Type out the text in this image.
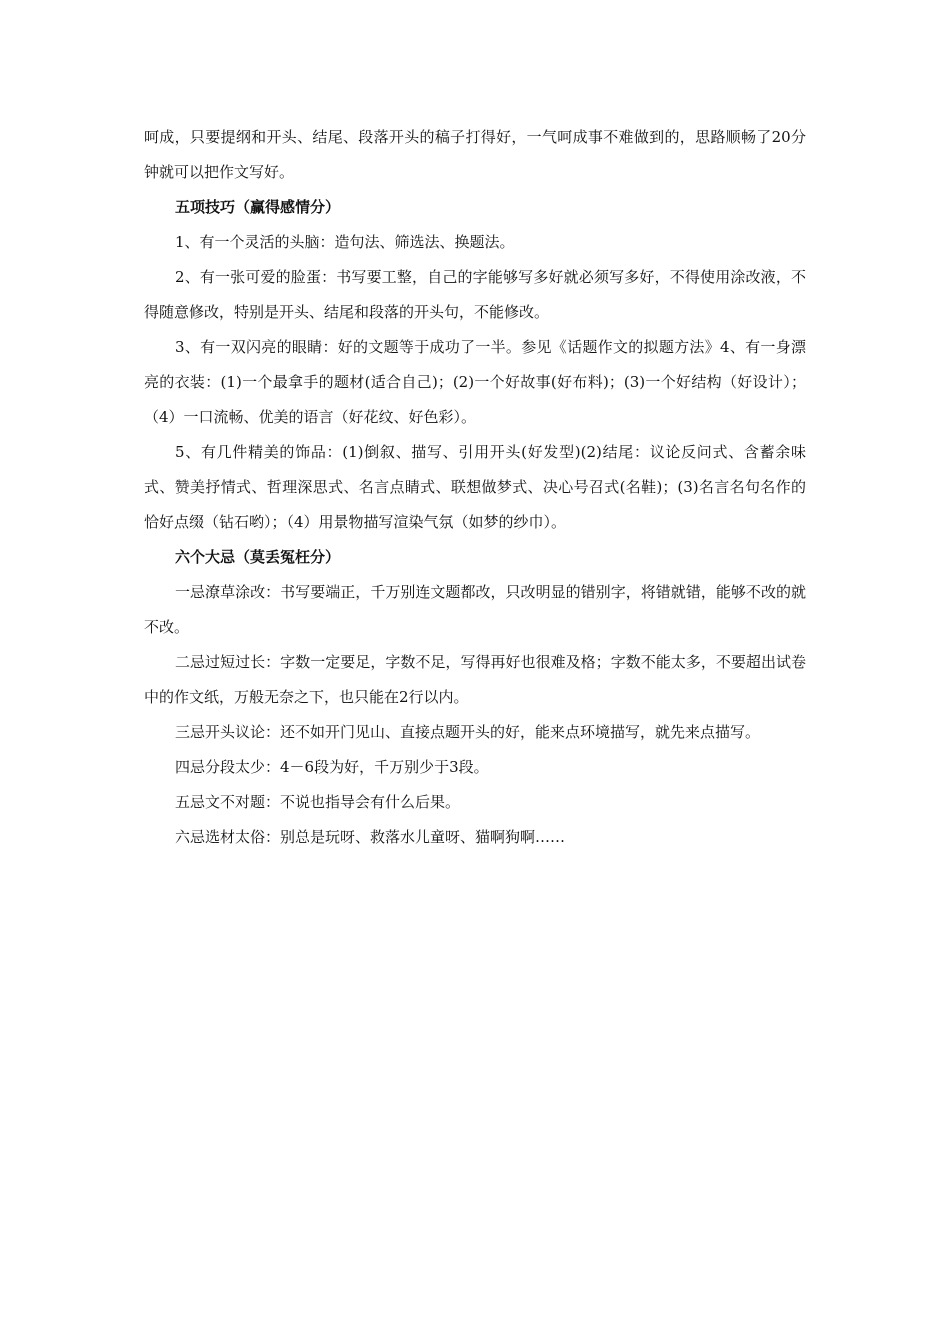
呵成，只要提纲和开头、结尾、段落开头的稿子打得好，一气呵成事不难做到的，思路顺畅了20分钟就可以把作文写好。

五项技巧（赢得感情分）

1、有一个灵活的头脑：造句法、筛选法、换题法。

2、有一张可爱的脸蛋：书写要工整，自己的字能够写多好就必须写多好，不得使用涂改液，不得随意修改，特别是开头、结尾和段落的开头句，不能修改。

3、有一双闪亮的眼睛：好的文题等于成功了一半。参见《话题作文的拟题方法》4、有一身漂亮的衣装：(1)一个最拿手的题材(适合自己)；(2)一个好故事(好布料)；(3)一个好结构（好设计）；（4）一口流畅、优美的语言（好花纹、好色彩）。

5、有几件精美的饰品：(1)倒叙、描写、引用开头(好发型)(2)结尾：议论反问式、含蓄余味式、赞美抒情式、哲理深思式、名言点睛式、联想做梦式、决心号召式(名鞋)；(3)名言名句名作的恰好点缀（钻石哟）；（4）用景物描写渲染气氛（如梦的纱巾）。

六个大忌（莫丢冤枉分）

一忌潦草涂改：书写要端正，千万别连文题都改，只改明显的错别字，将错就错，能够不改的就不改。

二忌过短过长：字数一定要足，字数不足，写得再好也很难及格；字数不能太多，不要超出试卷中的作文纸，万般无奈之下，也只能在2行以内。

三忌开头议论：还不如开门见山、直接点题开头的好，能来点环境描写，就先来点描写。

四忌分段太少：4－6段为好，千万别少于3段。

五忌文不对题：不说也指导会有什么后果。

六忌选材太俗：别总是玩呀、救落水儿童呀、猫啊狗啊……
